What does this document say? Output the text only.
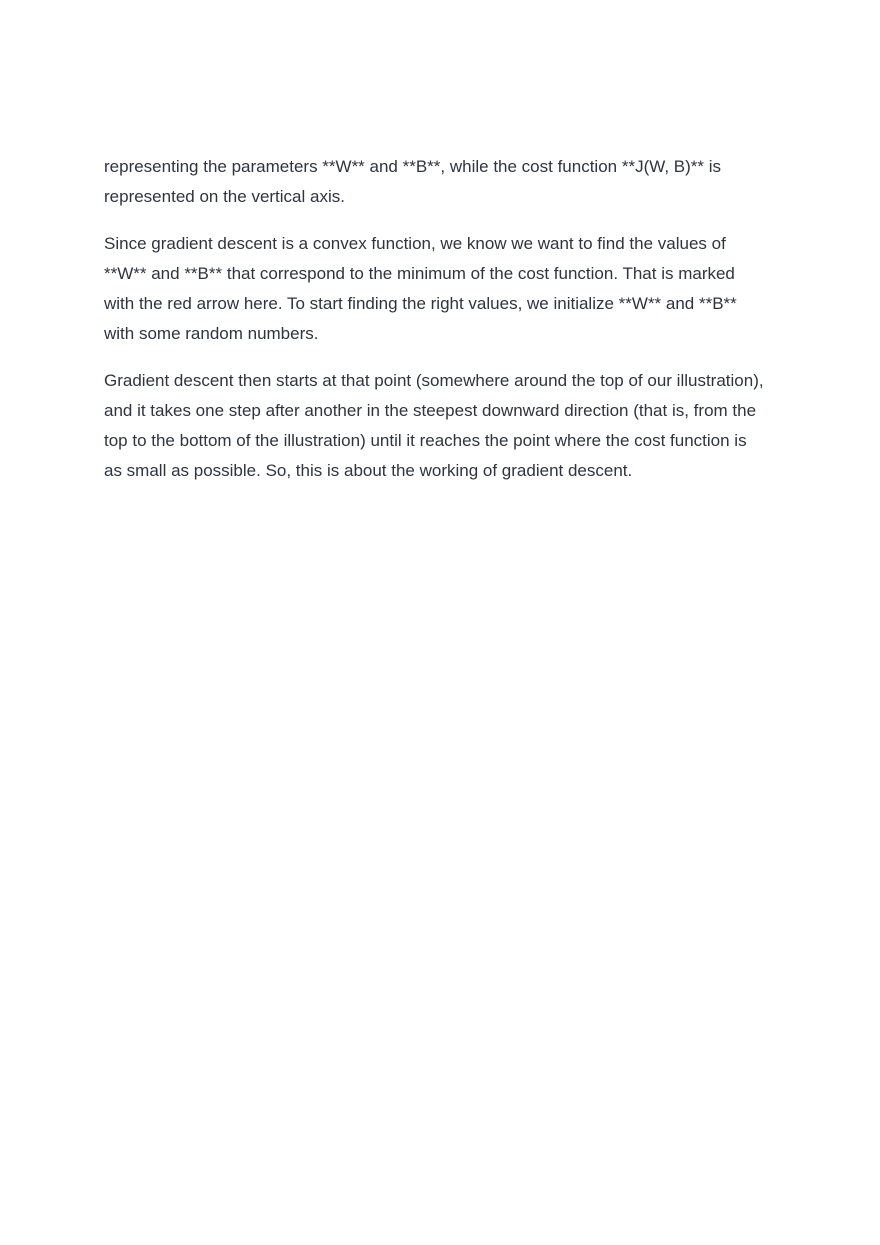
representing the parameters **W** and **B**, while the cost function **J(W, B)** is
represented on the vertical axis.

Since gradient descent is a convex function, we know we want to find the values of
**W** and **B** that correspond to the minimum of the cost function. That is marked
with the red arrow here. To start finding the right values, we initialize **W** and **B**
with some random numbers.

Gradient descent then starts at that point (somewhere around the top of our illustration),
and it takes one step after another in the steepest downward direction (that is, from the
top to the bottom of the illustration) until it reaches the point where the cost function is
as small as possible. So, this is about the working of gradient descent.
